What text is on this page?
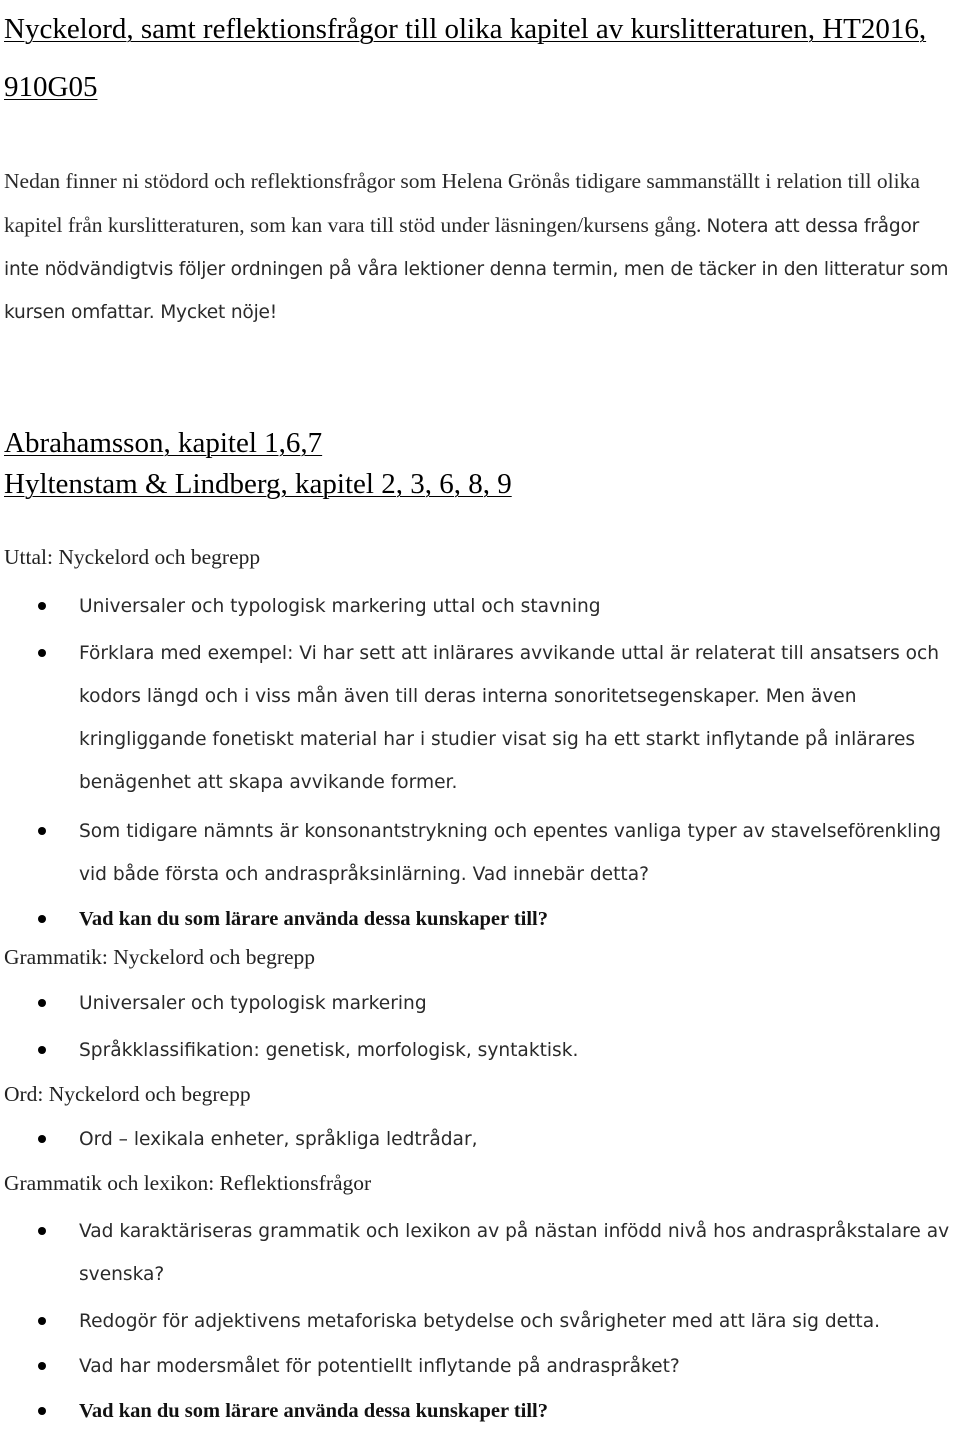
Nyckelord, samt reflektionsfrågor till olika kapitel av kurslitteraturen, HT2016, 910G05

Nedan finner ni stödord och reflektionsfrågor som Helena Grönås tidigare sammanställt i relation till olika kapitel från kurslitteraturen, som kan vara till stöd under läsningen/kursens gång. Notera att dessa frågor inte nödvändigtvis följer ordningen på våra lektioner denna termin, men de täcker in den litteratur som kursen omfattar. Mycket nöje!

Abrahamsson, kapitel 1,6,7
Hyltenstam & Lindberg, kapitel 2, 3, 6, 8, 9
Uttal: Nyckelord och begrepp
Universaler och typologisk markering uttal och stavning
Förklara med exempel: Vi har sett att inlärares avvikande uttal är relaterat till ansatsers och kodors längd och i viss mån även till deras interna sonoritetsegenskaper. Men även kringliggande fonetiskt material har i studier visat sig ha ett starkt inflytande på inlärares benägenhet att skapa avvikande former.
Som tidigare nämnts är konsonantstrykning och epentes vanliga typer av stavelseförenkling vid både första och andraspråksinlärning. Vad innebär detta?
Vad kan du som lärare använda dessa kunskaper till?
Grammatik: Nyckelord och begrepp
Universaler och typologisk markering
Språkklassifikation: genetisk, morfologisk, syntaktisk.
Ord: Nyckelord och begrepp
Ord – lexikala enheter, språkliga ledtrådar,
Grammatik och lexikon: Reflektionsfrågor
Vad karaktäriseras grammatik och lexikon av på nästan infödd nivå hos andraspråkstalare av svenska?
Redogör för adjektivens metaforiska betydelse och svårigheter med att lära sig detta.
Vad har modersmålet för potentiellt inflytande på andraspråket?
Vad kan du som lärare använda dessa kunskaper till?
